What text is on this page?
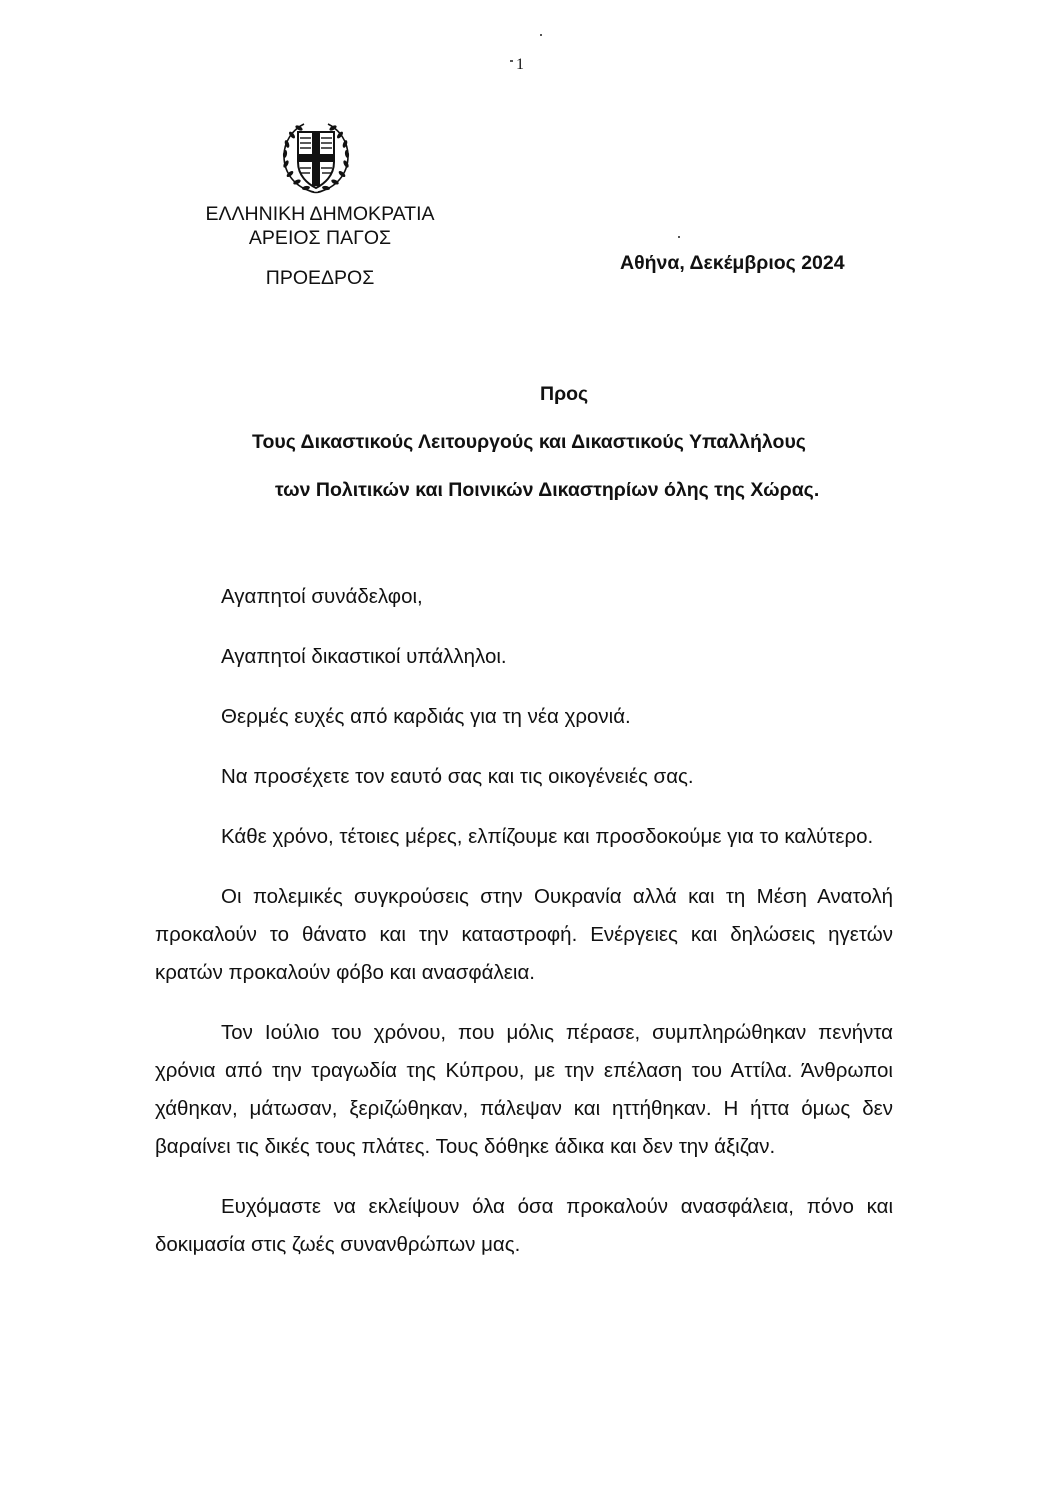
1
ΕΛΛΗΝΙΚΗ ΔΗΜΟΚΡΑΤΙΑ
ΑΡΕΙΟΣ ΠΑΓΟΣ
ΠΡΟΕΔΡΟΣ
Αθήνα, Δεκέμβριος 2024
Προς
Τους Δικαστικούς Λειτουργούς και Δικαστικούς Υπαλλήλους
των Πολιτικών και Ποινικών Δικαστηρίων όλης της Χώρας.

Αγαπητοί συνάδελφοι,

Αγαπητοί δικαστικοί υπάλληλοι.

Θερμές ευχές από καρδιάς για τη νέα χρονιά.

Να προσέχετε τον εαυτό σας και τις οικογένειές σας.

Κάθε χρόνο, τέτοιες μέρες, ελπίζουμε και προσδοκούμε για το καλύτερο.

Οι πολεμικές συγκρούσεις στην Ουκρανία αλλά και τη Μέση Ανατολή προκαλούν το θάνατο και την καταστροφή. Ενέργειες και δηλώσεις ηγετών κρατών προκαλούν φόβο και ανασφάλεια.

Τον Ιούλιο του χρόνου, που μόλις πέρασε, συμπληρώθηκαν πενήντα χρόνια από την τραγωδία της Κύπρου, με την επέλαση του Αττίλα. Άνθρωποι χάθηκαν, μάτωσαν, ξεριζώθηκαν, πάλεψαν και ηττήθηκαν. Η ήττα όμως δεν βαραίνει τις δικές τους πλάτες. Τους δόθηκε άδικα και δεν την άξιζαν.

Ευχόμαστε να εκλείψουν όλα όσα προκαλούν ανασφάλεια, πόνο και δοκιμασία στις ζωές συνανθρώπων μας.
